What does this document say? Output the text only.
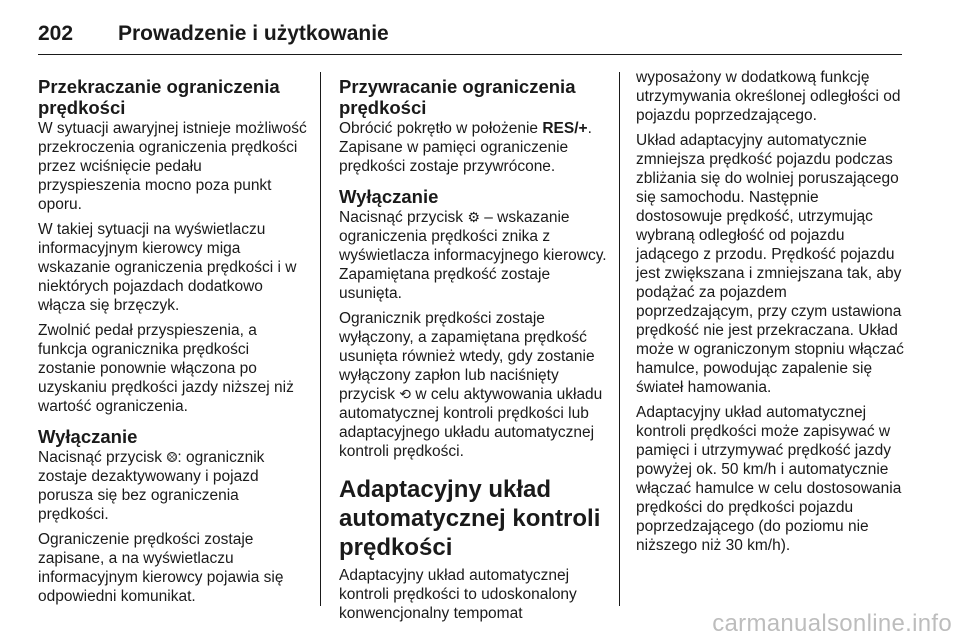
202	Prowadzenie i użytkowanie
Przekraczanie ograniczenia prędkości

W sytuacji awaryjnej istnieje możliwość przekroczenia ograniczenia prędkości przez wciśnięcie pedału przyspieszenia mocno poza punkt oporu.

W takiej sytuacji na wyświetlaczu informacyjnym kierowcy miga wskazanie ograniczenia prędkości i w niektórych pojazdach dodatkowo włącza się brzęczyk.

Zwolnić pedał przyspieszenia, a funkcja ogranicznika prędkości zostanie ponownie włączona po uzyskaniu prędkości jazdy niższej niż wartość ograniczenia.

Wyłączanie

Nacisnąć przycisk ⨷: ogranicznik zostaje dezaktywowany i pojazd porusza się bez ograniczenia prędkości.

Ograniczenie prędkości zostaje zapisane, a na wyświetlaczu informacyjnym kierowcy pojawia się odpowiedni komunikat.

Przywracanie ograniczenia prędkości

Obrócić pokrętło w położenie RES/+. Zapisane w pamięci ograniczenie prędkości zostaje przywrócone.

Wyłączanie

Nacisnąć przycisk ⚙ – wskazanie ograniczenia prędkości znika z wyświetlacza informacyjnego kierowcy. Zapamiętana prędkość zostaje usunięta.

Ogranicznik prędkości zostaje wyłączony, a zapamiętana prędkość usunięta również wtedy, gdy zostanie wyłączony zapłon lub naciśnięty przycisk ⟲ w celu aktywowania układu automatycznej kontroli prędkości lub adaptacyjnego układu automatycznej kontroli prędkości.

Adaptacyjny układ automatycznej kontroli prędkości

Adaptacyjny układ automatycznej kontroli prędkości to udoskonalony konwencjonalny tempomat

wyposażony w dodatkową funkcję utrzymywania określonej odległości od pojazdu poprzedzającego.

Układ adaptacyjny automatycznie zmniejsza prędkość pojazdu podczas zbliżania się do wolniej poruszającego się samochodu. Następnie dostosowuje prędkość, utrzymując wybraną odległość od pojazdu jadącego z przodu. Prędkość pojazdu jest zwiększana i zmniejszana tak, aby podążać za pojazdem poprzedzającym, przy czym ustawiona prędkość nie jest przekraczana. Układ może w ograniczonym stopniu włączać hamulce, powodując zapalenie się świateł hamowania.

Adaptacyjny układ automatycznej kontroli prędkości może zapisywać w pamięci i utrzymywać prędkość jazdy powyżej ok. 50 km/h i automatycznie włączać hamulce w celu dostosowania prędkości do prędkości pojazdu poprzedzającego (do poziomu nie niższego niż 30 km/h).

carmanualsonline.info
